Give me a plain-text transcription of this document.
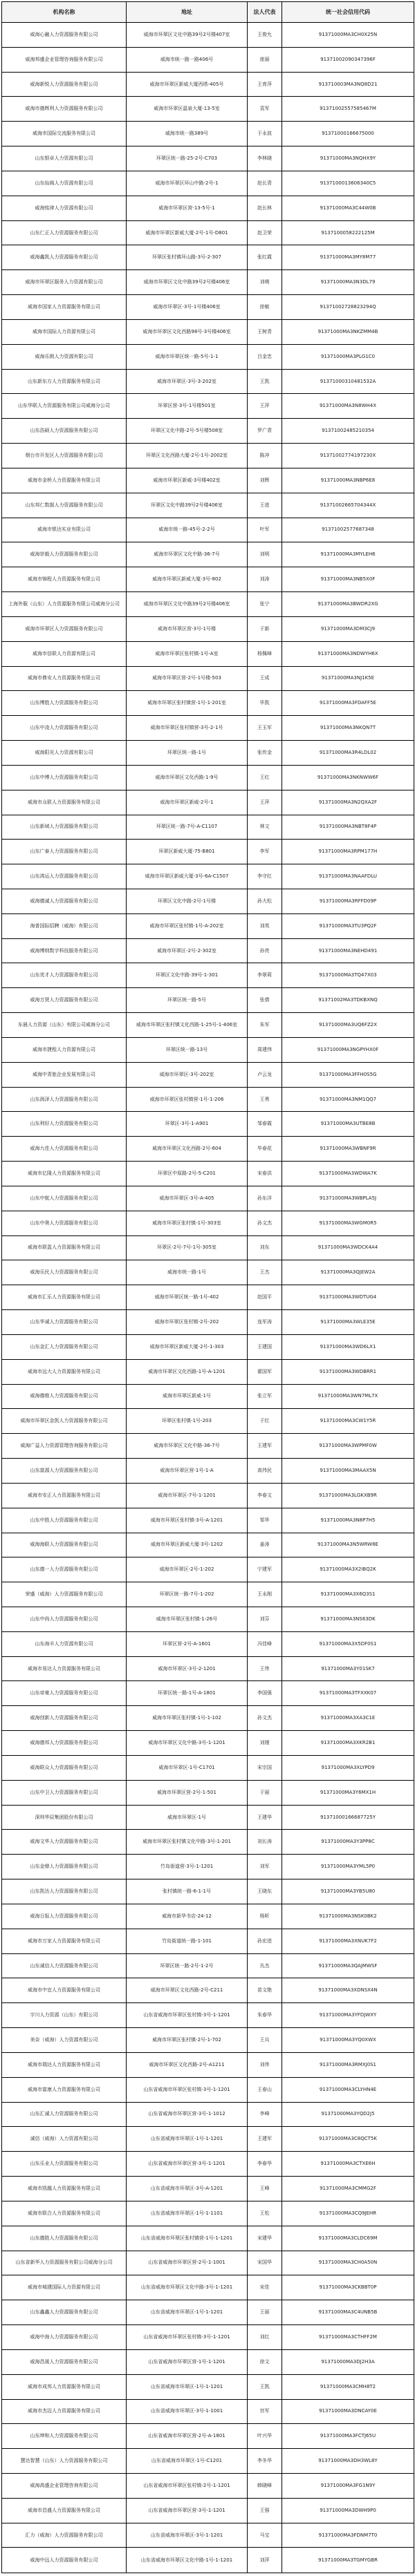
机构名称	地址	法人代表	统一社会信用代码
威海心融人力资源服务有限公司	威海市环翠区文化中路39号2号楼407室	王俊允	91371000MA3CH0X25N
威海邦盛企业管理咨询服务有限公司	威海市统一路一路406号	庞丽	91371002090347396F
威海新锐人力资源服务有限公司	威海市环翠区新威大厦西塔-405号	王育萍	913710003MA3NQ8D21
威海市德辉利人力资源服务有限公司	威海市环翠区温泉大厦-13-5室	袁军	91371002557585467M
威海市国际交流服务有限公司	威海市统一路389号	于永波	91371000166675000
山东银卓人力资源有限公司	环翠区统一路-25-2号-C703	李林晓	91371000MA3NQHX9Y
山东仙阁人力资源有限公司	威海市环翠区环山中路-2号-1	赵长青	9137100013606340C5
威海铭律人力资源有限公司	威海市环翠区营-13-5号-1	赵长林	91371000MA3C44W0B
山东仁正人力资源服务有限公司	威海市环翠区新威大厦-2号-1号-D801	赵卫荣	9137100058222125M
威海鑫凯人力资源服务有限公司	环翠区张村镇环山路-3号-2-307	张红霞	91371000MA3MY8M77
威海市环翠区服务人力资源有限公司	威海市环翠区文化中路39号2号楼406室	刘萌	91371000MA3N3DL79
威海市国家人力资源服务有限公司	威海市环翠区-3号-1号楼406室	徐敏	91371002728823294Q
威海市国际人力资源有限公司	威海市环翠区文化西路98号-3号楼406室	王树青	91371000MA3NKZMM4B
威海乐朗人力资源有限公司	威海市环翠区统一路-5号-1-1	吕金忠	91371000MA3PLG1C0
山东新东方人力资源服务有限公司	威海市环翠区-3号-3-202室	王凯	91371000310481532A
山东华联人力资源服务有限公司威海分公司	环翠区营-3号-1号楼501室	王萍	91371000MA3N8WH4X
山东浩硕人力资源服务有限公司	环翠区文化中路-2号-5号楼508室	罗广青	91371002485210354
烟台市开发区人力资源服务有限公司	环翠区文化西路大厦-2号-1号-2002室	陈冲	91371002774197230X
威海市金桥人力资源服务有限公司	威海市环翠区新威-3号楼402室	刘辉	91371000MA3NBP6E8
山东邦仁数据人力资源服务有限公司	环翠区文化中路39号2号楼406室	王进	91371002665704344X
威海市银达实业有限公司	威海市统一路-45号-2-2号	叶军	91371002577687348
威海崇毅人力资源服务有限公司	威海市环翠区文化中路-36-7号	刘明	91371000MA3MYLEH6
威海市锦程人力资源服务有限公司	威海市环翠区新威大厦-3号-802	刘涛	91371000MA3NB5X0F
上海外服（山东）人力资源服务有限公司威海分公司	威海市环翠区文化中路39号2号楼406室	张宁	91371000MA3BWDR2XG
威海市环翠区人力资源服务有限公司	威海市环翠区营-3号-1号楼	于新	91371000MA3DM3CJ9
威海市信联人力资源有限公司	威海市环翠区张村镇-1号-A室	杨佩峰	91371000MA3NDWYH6X
威海市鼎安人力资源服务有限公司	威海市环翠区营-2号-1号楼-503	王成	91371000MA3NJ1K5E
山东博胜人力资源服务有限公司	威海市环翠区张村镇营-1号-1-201室	毕凯	91371000MA3FDAFF5E
山东中凌人力资源服务有限公司	威海市环翠区张村镇营-3号-2-1号	王玉军	91371000MA3NKQN7T
威海阳光人力资源有限公司	环翠区统一路-1号	张传金	91371000MA3R4LDL02
山东中博人力资源服务有限公司	威海市环翠区文化西路-1-9号	王红	91371000MA3NKNWW6F
威海市众联人力资源服务有限公司	威海市环翠区新威-2号-1	王萍	91371000MA3N2QXA2F
山东新域人力资源服务有限公司	环翠区统一路-7号-A-C1107	林文	91371000MA3NBT8F4P
山东广泰人力资源服务有限公司	环翠区新威大厦-75-B801	李军	91371000MA3RPM177H
山东鸿运人力资源服务有限公司	威海市环翠区新威大厦-3号-6A-C1507	李守红	91371000MA3NAAFDLU
威海德诚人力资源服务有限公司	环翠区文化中路-2号-1号楼	孙大松	91371000MA3RFFD09P
海普国际招聘（威海）有限公司	威海市环翠区张村镇-1号-A-202室	刘英	91371000MA3TU3PQ2F
威海博纳数字科技服务有限公司	威海市环翠区-2号-2-302室	孙亮	91371000MA3NEHD491
山东优才人力资源服务有限公司	环翠区文化中路-39号-1-301	李翠莉	91371000MA3TQ47X03
威海万贤人力资源服务有限公司	环翠区统一路-5号	张倩	91371002MA3TDKBXNQ
东晨人力资源（山东）有限公司威海分公司	威海市环翠区张村镇文化西路-1-25号-1-406室	朱军	91371000MA3UQ6FZ2X
威海市捷程人力资源有限公司	环翠区统一路-13号	周建伟	91371000MA3NGPYHX0F
威海中青旅企业发展有限公司	威海市环翠区-3号-202室	卢云龙	91371000MA3FFH0S5G
山东润泽人力资源服务有限公司	威海市环翠区张村镇营-1号-1-206	王勇	91371000MA3NM1QQ7
山东利好人力资源服务有限公司	环翠区-3号-1-A901	邹春霞	91371000MA3UTBE8B
威海九佳人力资源服务有限公司	威海市环翠区文化西路-2号-604	毕春花	91371000MA3WBNF9R
威海市亿隆人力资源服务有限公司	环翠区中原路-2号-5-C201	宋春洪	91371000MA3WDWA7K
山东中航人力资源服务有限公司	威海市环翠区-3号-A-405	孙东洋	91371000MA3WBPLA5J
山东中奥人力资源服务有限公司	威海市环翠区张村镇-1号-303室	孙文杰	91371000MA3WGM0R5
威海市联盈人力资源服务有限公司	环翠区-2号-7号-1号-305室	刘东	91371000MA3WDCK4A4
威海乐民人力资源服务有限公司	威海市统一路-1号	王杰	91371000MA3QJEW2A
威海市汇乐人力资源服务有限公司	威海市环翠区统一路-1号-402	赵国平	91371000MA3WDTUG4
山东华诚人力资源服务有限公司	威海市环翠区张村镇-2号-202	连军涛	91371000MA3WLE35E
山东金汇人力资源服务有限公司	威海市环翠区新威大厦-2号-1-303	王建国	91371000MA3WD6LX1
威海市远大人力资源服务有限公司	威海市环翠区文化西路-1号-A-1201	翟国军	91371000MA3WDBRR1
威海德维人力资源服务有限公司	威海市环翠区新威-1号	张立军	91371000MA3WN7ML7X
威海市环翠区金凯人力资源服务有限公司	环翠区张村镇-1号-203	于红	91371000MA3CW1Y5R
威海广益人力资源管理咨询服务有限公司	威海市环翠区文化中路-36-7号	王建军	91371000MA3WPMF0W
山东富源人力资源服务有限公司	威海市环翠区营-1号-1-A	高伟民	91371000MA3MAAX5N
威海市安正人力资源服务有限公司	威海市环翠区-7号-1-1201	李春文	91371000MA3LGKXB9R
山东中胜人力资源服务有限公司	威海市环翠区张村镇-3号-A-1201	邹华	91371000MA3N8P7H5
威海海联人力资源服务有限公司	威海市环翠区新威大厦-3号-1202	姜涛	91371000MA3N5WRW8E
山东德一人力资源服务有限公司	威海市环翠区-2号-1-202	宁建军	91371000MA3X2IBQ2K
荣盛（威海）人力资源服务有限公司	环翠区统一路-7号-1-202	王永刚	91371000MA3X6Q3S1
山东中尚人力资源服务有限公司	威海市环翠区张村镇-1-26号	刘芬	91371000MA3NS63DK
山东海丰人力资源有限公司	环翠区营-2号-A-1601	冯佳峰	91371000MA3X5DF0S1
威海市易达人力资源服务有限公司	威海市环翠区-3号-2-1201	王伟	91371000MA3Y01SK7
山东帝豪人力资源服务有限公司	环翠区统一路-1号-A-1801	李国强	91371000MA3TFXXK07
威海创新人力资源服务有限公司	威海市环翠区张村镇-1号-1-102	孙文杰	91371000MA3XA3C1E
威海德邦人力资源服务有限公司	威海市环翠区文化中路-3号-1-1201	刘刚	91371000MA3XKR2B1
威海联众人力资源服务有限公司	威海市环翠区-1号-C1701	宋宗国	91371000MA3XLYPD9
山东中卫人力资源服务有限公司	威海市环翠区营-2号-1-501	于丽	91371000MA3Y6MX1H
深圳华辰集团股份有限公司	威海市环翠区-1号	王建华	91371000166687725Y
威海文华人力资源服务有限公司	威海市环翠区张村镇文化中路-3号-1-201	刘长涛	91371000MA3Y3PP8C
山东金鼎人力资源服务有限公司	竹岛街道营-3号-1-1201	刘军	91371000MA3YML5P0
山东凯达人力资源服务有限公司	张村镇统一路-6-1-1号	王晓东	91371000MA3YB5U80
威海日报人力资源服务有限公司	威海市新华书店-24-12	杨昕	91371000MA3NSK0BK2
威海市万家人力资源服务有限公司	竹岛街道统一路-1-101	孙宏进	91371000MA3XNUK7F2
山东诚信人力资源服务有限公司	环翠区统一路-2号-1-2号	丛杰	91371000MA3QAJMWSF
威海市中宜人力资源服务有限公司	威海市环翠区文化西路-2号-C211	苗文艳	91371000MA3XDNSX4N
宇川人力资源（山东）有限公司	山东省威海市环翠区张村镇-3号-1-1201	朱春华	91371000MA3YFDJWXY
美奈（威海）人力资源有限公司	威海市环翠区张村镇-2号-1-702	王兵	91371000MA3YQ0XWX
威海市瑞达人力资源服务有限公司	威海市环翠区文化西路-2号-A1211	刘伟	91371000MA3RMXJ0S1
威海市富康人力资源服务有限公司	山东省威海市环翠区张村镇-3号-1-1201	王春山	91371000MA3CLYHN4E
山东汇诚人力资源服务有限公司	山东省威海市环翠区营-3号-1-1012	李峰	91371000MA3YQD2J5
诚信（威海）人力资源有限公司	山东省威海市环翠区-1号-1-1201	王建军	91371000MA3C8QCT5K
山东乐业人力资源服务有限公司	山东省威海市环翠区营-3号-1-1201	李春华	91371000MA3CTXE6H
威海市凯越人力资源服务有限公司	山东省威海市环翠区-3号-A-1201	王峰	91371000MA3CMMG2F
威海市联合人力资源服务有限公司	山东省威海市环翠区-1号-1-1101	王松	91371000MA3CQ9JEHR
山东德胜人力资源服务有限公司	山东省威海市环翠区张村镇营-1号-1-1201	宋建华	91371000MA3CLDC69M
山东省新华人力资源服务有限公司威海分公司	山东省威海市环翠区营-2号-1-1001	宋国华	91371000MA3CH0A50N
威海市城建国际人力资源有限公司	山东省威海市环翠区文化中路-3号-1-1201	宋佳	91371000MA3CKBBT0P
山东鑫鑫人力资源服务有限公司	山东省威海市环翠区-1号-1-1201	王丽	91371000MA3C4UNB5B
威海中海人力资源服务有限公司	山东省威海市环翠区张村镇-3号-1-1201	刘红	91371000MA3CTHFF2M
威海昌晟人力资源服务有限公司	山东省威海市环翠区营-1号-1-1201	徐文	91371000MA3DJ2H3A
威海市成邦人力资源服务有限公司	山东省威海市环翠区-1号-1-1201	王凯	91371000MA3CMH8T2
威海市杰迈人力资源服务有限公司	山东省威海市环翠区-3号-1-1001	宫军	91371000MA3DNCAY0E
山东坤和人力资源服务有限公司	山东省威海市环翠区营-2号-A-1801	叶兴华	91371000MA3FCTJ65U
慧达智慧（山东）人力资源服务有限公司	山东省威海市环翠区-1号-C1201	李冬华	91371000MA3DH3WL8Y
威海高盛企业管理咨询有限公司	山东省威海市环翠区张村镇-2号-1-1201	韩晓峰	91371000MA3FG1N9Y
威海市昌盛人力资源服务有限公司	山东省威海市环翠区营-3号-1-1201	王强	91371000MA3DWH9P0
汇力（威海）人力资源服务有限公司	山东省威海市环翠区-3号-1-1201	马宝	91371000MA3FDNM7T0
威海中远人力资源服务有限公司	山东省威海市环翠区文化中路-1号-1-1201	刘萍	91371000MA3TGMYGBR
